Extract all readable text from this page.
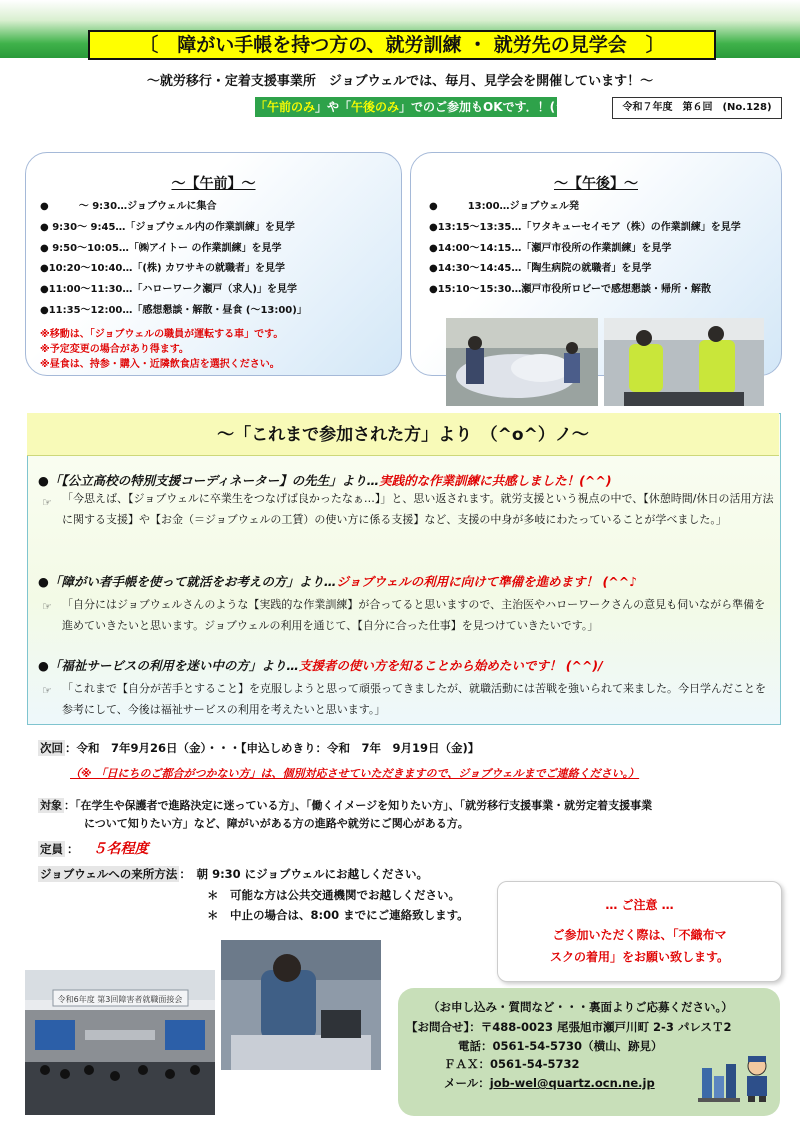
〔　障がい手帳を持つ方の、就労訓練 ・ 就労先の見学会　〕
～就労移行・定着支援事業所　ジョブウェルでは、毎月、見学会を開催しています！～
「午前のみ」や「午後のみ」でのご参加もOKです．！(^^)	令和７年度　第６回　(No.128)
～【午前】～
●　　　～ 9:30…ジョブウェルに集合
● 9:30～ 9:45…「ジョブウェル内の作業訓練」を見学
● 9:50～10:05…「㈱アイトー の作業訓練」を見学
●10:20～10:40…「(株) カワサキの就職者」を見学
●11:00～11:30…「ハローワーク瀬戸（求人)」を見学
●11:35～12:00…「感想懇談・解散・昼食 (～13:00)」
※移動は、「ジョブウェルの職員が運転する車」です。
※予定変更の場合があり得ます。
※昼食は、持参・購入・近隣飲食店を選択ください。
～【午後】～
●　　　13:00…ジョブウェル発
●13:15～13:35…「ワタキューセイモア（株）の作業訓練」を見学
●14:00～14:15…「瀬戸市役所の作業訓練」を見学
●14:30～14:45…「陶生病院の就職者」を見学
●15:10～15:30…瀬戸市役所ロビーで感想懇談・帰所・解散
～「これまで参加された方」より　（^o^）ノ～
●「【公立高校の特別支援コーディネーター】の先生」より…実践的な作業訓練に共感しました！(^^)
☞ 「今思えば、【ジョブウェルに卒業生をつなげば良かったなぁ…】」と、思い返されます。就労支援という視点の中で、【休憩時間/休日の活用方法に関する支援】や【お金（＝ジョブウェルの工賃）の使い方に係る支援】など、支援の中身が多岐にわたっていることが学べました。」
●「障がい者手帳を使って就活をお考えの方」より…ジョブウェルの利用に向けて準備を進めます！ (^^♪
☞ 「自分にはジョブウェルさんのような【実践的な作業訓練】が合ってると思いますので、主治医やハローワークさんの意見も伺いながら準備を進めていきたいと思います。ジョブウェルの利用を通じて、【自分に合った仕事】を見つけていきたいです。」
●「福祉サービスの利用を迷い中の方」より…支援者の使い方を知ることから始めたいです！ (^^)/
☞ 「これまで【自分が苦手とすること】を克服しようと思って頑張ってきましたが、就職活動には苦戦を強いられて来ました。今日学んだことを参考にして、今後は福祉サービスの利用を考えたいと思います。」
次回 ：令和　7年9月26日（金）・・・【申込しめきり：令和　7年　9月19日（金)】
（※ 「日にちのご都合がつかない方」は、個別対応させていただきますので、ジョブウェルまでご連絡ください。）
対象 ：「在学生や保護者で進路決定に迷っている方」、「働くイメージを知りたい方」、「就労移行支援事業・就労定着支援事業
について知りたい方」など、障がいがある方の進路や就労にご関心がある方。
定員 ： ５名程度
ジョブウェルへの来所方法 ：　朝 9:30 にジョブウェルにお越しください。
＊　可能な方は公共交通機関でお越しください。
＊　中止の場合は、8:00 までにご連絡致します。
… ご注意 …
ご参加いただく際は、「不織布マ
スクの着用」をお願い致します。
令和6年度 第3回障害者就職面接会
（お申し込み・質問など・・・裏面よりご応募ください。）
【お問合せ】：〒488-0023 尾張旭市瀬戸川町 2-3 パレスＴ2
電話：0561-54-5730（横山、跡見）
ＦＡＸ：0561-54-5732
メール：job-wel@quartz.ocn.ne.jp
